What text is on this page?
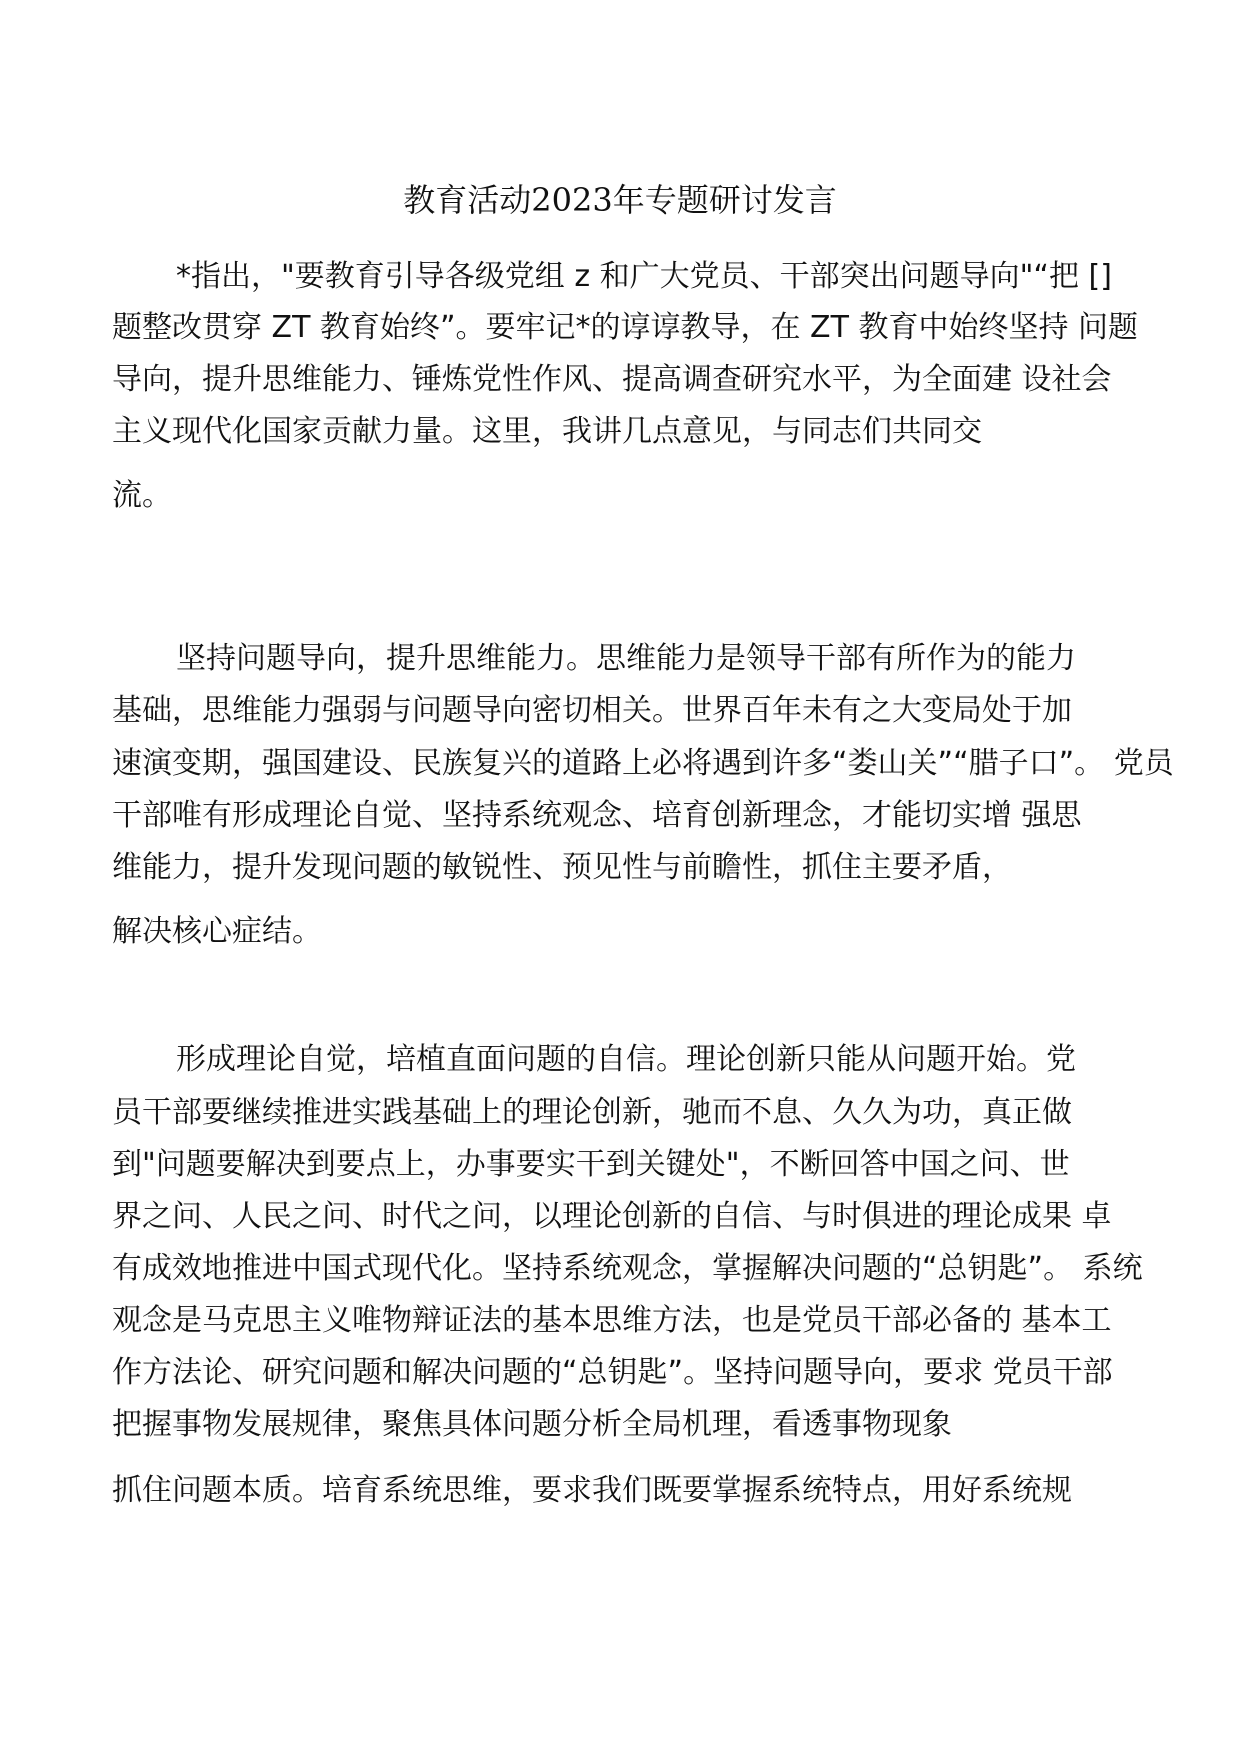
教育活动2023年专题研讨发言
*指出，"要教育引导各级党组 z 和广大党员、干部突出问题导向"“把 []
题整改贯穿 ZT 教育始终”。要牢记*的谆谆教导，在 ZT 教育中始终坚持 问题
导向，提升思维能力、锤炼党性作风、提高调查研究水平，为全面建 设社会
主义现代化国家贡献力量。这里，我讲几点意见，与同志们共同交
流。
坚持问题导向，提升思维能力。思维能力是领导干部有所作为的能力
基础，思维能力强弱与问题导向密切相关。世界百年未有之大变局处于加
速演变期，强国建设、民族复兴的道路上必将遇到许多“娄山关”“腊子口”。 党员
干部唯有形成理论自觉、坚持系统观念、培育创新理念，才能切实增 强思
维能力，提升发现问题的敏锐性、预见性与前瞻性，抓住主要矛盾，
解决核心症结。
形成理论自觉，培植直面问题的自信。理论创新只能从问题开始。党
员干部要继续推进实践基础上的理论创新，驰而不息、久久为功，真正做
到"问题要解决到要点上，办事要实干到关键处"，不断回答中国之问、世
界之问、人民之问、时代之问，以理论创新的自信、与时俱进的理论成果 卓
有成效地推进中国式现代化。坚持系统观念，掌握解决问题的“总钥匙”。 系统
观念是马克思主义唯物辩证法的基本思维方法，也是党员干部必备的 基本工
作方法论、研究问题和解决问题的“总钥匙”。坚持问题导向，要求 党员干部
把握事物发展规律，聚焦具体问题分析全局机理，看透事物现象
抓住问题本质。培育系统思维，要求我们既要掌握系统特点，用好系统规
